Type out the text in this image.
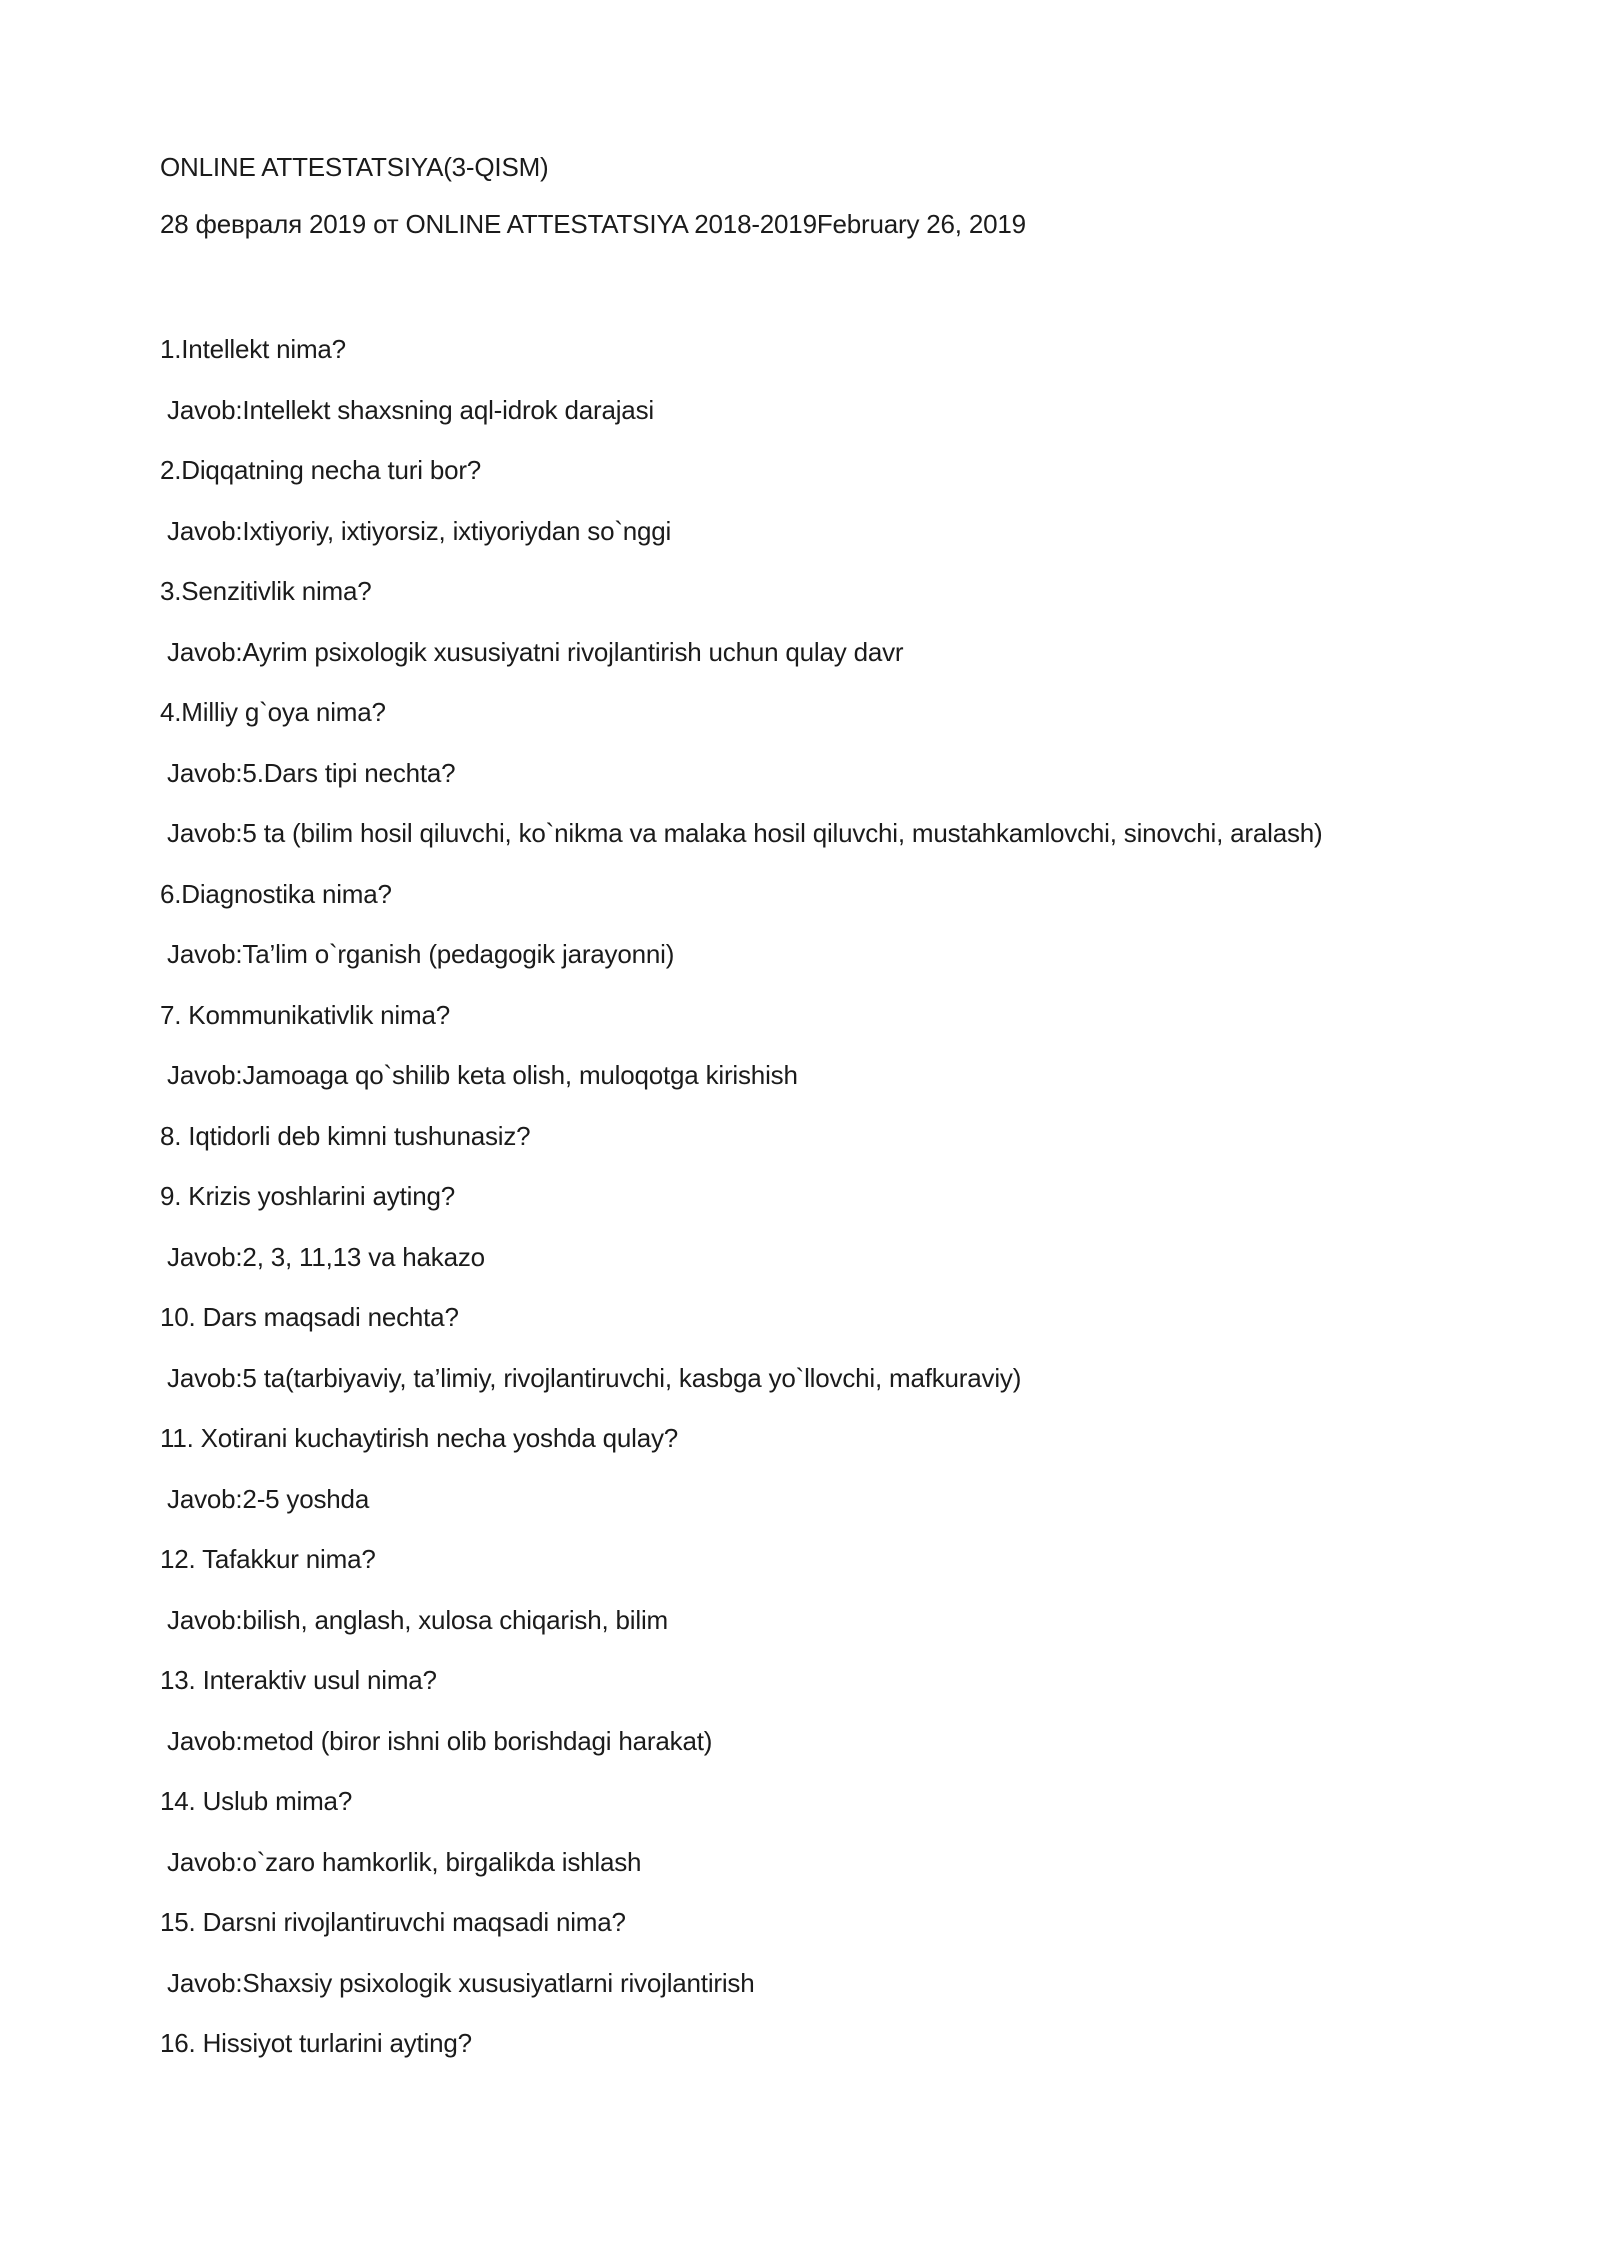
ONLINE ATTESTATSIYA(3-QISM)

28 февраля 2019 от ONLINE ATTESTATSIYA 2018-2019February 26, 2019

1.Intellekt nima?

Javob:Intellekt shaxsning aql-idrok darajasi

2.Diqqatning necha turi bor?

Javob:Ixtiyoriy, ixtiyorsiz, ixtiyoriydan so`nggi

3.Senzitivlik nima?

Javob:Ayrim psixologik xususiyatni rivojlantirish uchun qulay davr

4.Milliy g`oya nima?

Javob:5.Dars tipi nechta?

Javob:5 ta (bilim hosil qiluvchi, ko`nikma va malaka hosil qiluvchi, mustahkamlovchi, sinovchi, aralash)

6.Diagnostika nima?

Javob:Ta’lim o`rganish (pedagogik jarayonni)

7. Kommunikativlik nima?

Javob:Jamoaga qo`shilib keta olish, muloqotga kirishish

8. Iqtidorli deb kimni tushunasiz?

9. Krizis yoshlarini ayting?

Javob:2, 3, 11,13 va hakazo

10. Dars maqsadi nechta?

Javob:5 ta(tarbiyaviy, ta’limiy, rivojlantiruvchi, kasbga yo`llovchi, mafkuraviy)

11. Xotirani kuchaytirish necha yoshda qulay?

Javob:2-5 yoshda

12. Tafakkur nima?

Javob:bilish, anglash, xulosa chiqarish, bilim

13. Interaktiv usul nima?

Javob:metod (biror ishni olib borishdagi harakat)

14. Uslub mima?

Javob:o`zaro hamkorlik, birgalikda ishlash

15. Darsni rivojlantiruvchi maqsadi nima?

Javob:Shaxsiy psixologik xususiyatlarni rivojlantirish

16. Hissiyot turlarini ayting?
